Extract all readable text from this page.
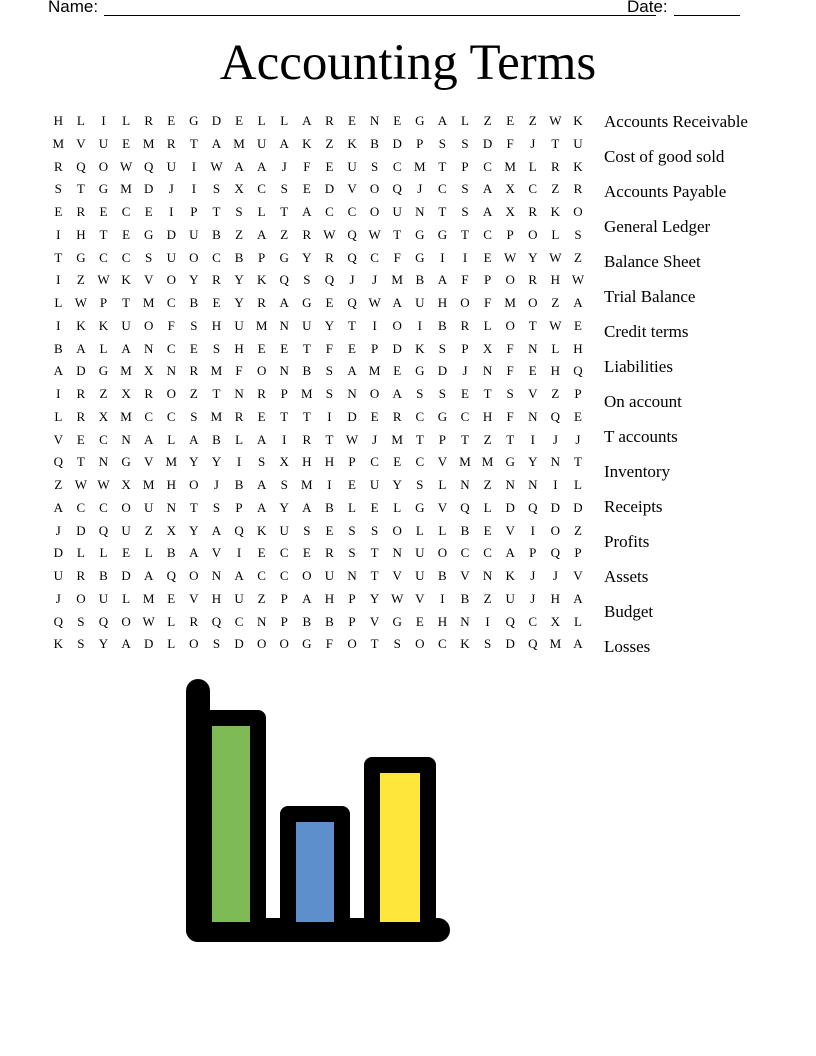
Name:	Date:
Accounting Terms
H	L	I	L	R	E	G	D	E	L	L	A	R	E	N	E	G	A	L	Z	E	Z W K
M V	U	E M R	T	A M U	A	K	Z	K	B	D	P	S	S	D	F	J	T	U
R	Q	O W Q	U	I	W A	A	J	F	E	U	S	C M T	P	C M L	R	K
S	T	G M D	J	I	S	X	C	S	E	D	V	O	Q	J	C	S	A	X	C	Z	R
E	R	E	C	E	I	P	T	S	L	T	A	C	C	O	U	N	T	S	A	X	R	K	O
I	H	T	E	G	D	U	B	Z	A	Z	R W Q W T	G	G	T	C	P	O	L	S
T	G	C	C	S	U	O	C	B	P	G	Y	R	Q	C	F	G	I	I	E W Y W Z
I	Z W K	V	O	Y	R	Y	K	Q	S	Q	J	J	M B	A	F	P	O	R	H W
L W P	T M C	B	E	Y	R	A	G	E	Q W A	U	H	O	F	M O	Z	A
I	K	K	U	O	F	S	H	U M N	U	Y	T	I	O	I	B	R	L	O	T W E
B	A	L	A	N	C	E	S	H	E	E	T	F	E	P	D	K	S	P	X	F	N	L	H
A	D	G M X	N	R M	F	O	N	B	S	A M E	G	D	J	N	F	E	H	Q
I	R	Z	X	R	O	Z	T	N	R	P	M	S	N	O	A	S	S	E	T	S	V	Z	P
L	R	X M C	C	S	M R	E	T	T	I	D	E	R	C	G	C	H	F	N	Q	E
V	E	C	N	A	L	A	B	L	A	I	R	T W	J	M T	P	T	Z	T	I	J	J
Q	T	N	G	V M Y	Y	I	S	X	H	H	P	C	E	C	V M M G	Y	N	T
Z W W X M H	O	J	B	A	S	M	I	E	U	Y	S	L	N	Z	N	N	I	L
A	C	C	O	U	N	T	S	P	A	Y	A	B	L	E	L	G	V	Q	L	D	Q	D	D
J	D	Q	U	Z	X	Y	A	Q	K	U	S	E	S	S	O	L	L	B	E	V	I	O	Z
D	L	L	E	L	B	A	V	I	E	C	E	R	S	T	N	U	O	C	C	A	P	Q	P
U	R	B	D	A	Q	O	N	A	C	C	O	U	N	T	V	U	B	V	N	K	J	J	V
J	O	U	L M E	V	H	U	Z	P	A	H	P	Y W V	I	B	Z	U	J	H	A
Q	S	Q	O W L	R	Q	C	N	P	B	B	P	V	G	E	H	N	I	Q	C	X	L
K	S	Y	A	D	L	O	S	D	O	O	G	F	O	T	S	O	C	K	S	D	Q M A
Accounts Receivable
Cost of good sold
Accounts Payable
General Ledger
Balance Sheet
Trial Balance
Credit terms
Liabilities
On account
T accounts
Inventory
Receipts
Profits
Assets
Budget
Losses
